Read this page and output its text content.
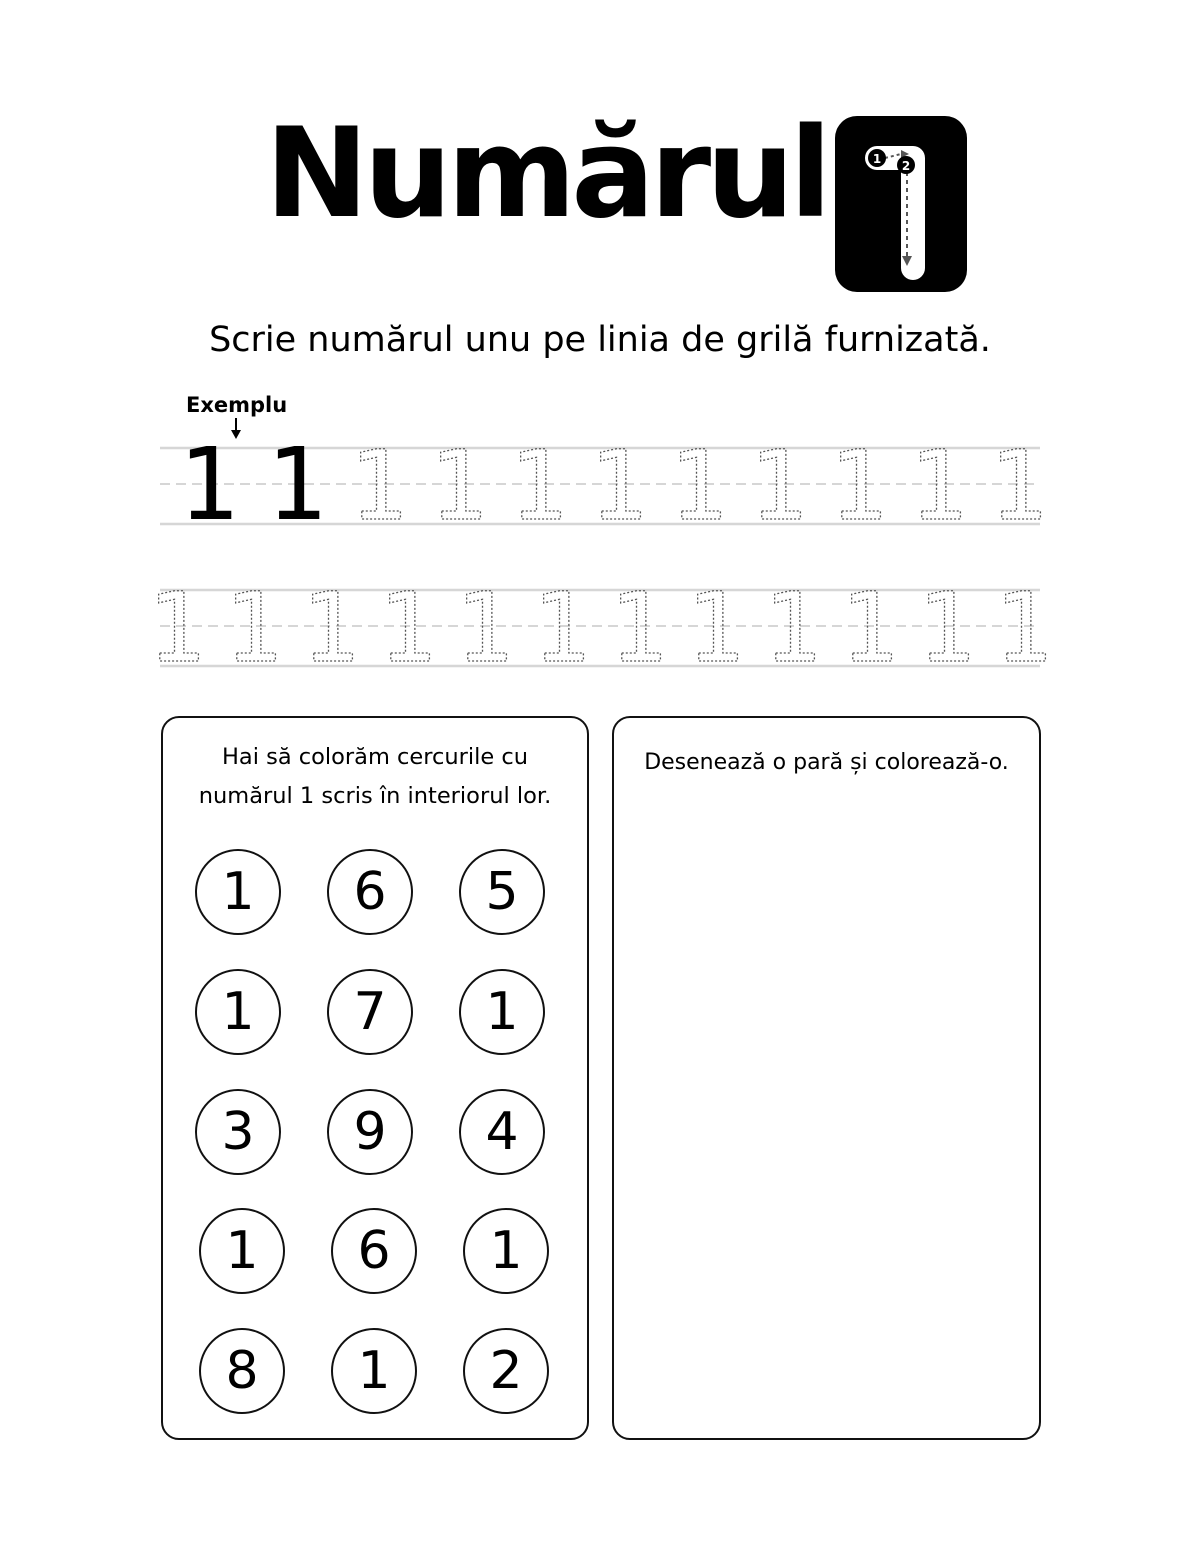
Numărul	1 2
Scrie numărul unu pe linia de grilă furnizată.
Exemplu
1 1 1 1 1 1 1 1 1 1 1
1 1 1 1 1 1 1 1 1 1 1 1
Hai să colorăm cercurile cu numărul 1 scris în interiorul lor.
1	6	5
1	7	1
3	9	4
1	6	1
8	1	2
Desenează o pară și colorează-o.
